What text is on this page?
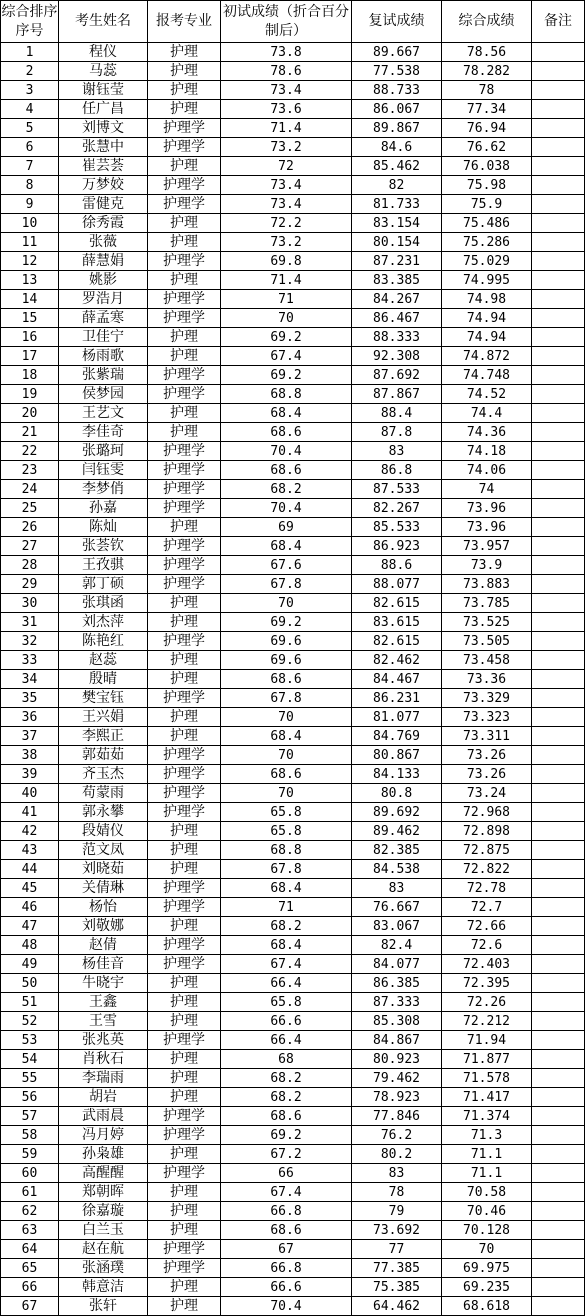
综合排序序号	考生姓名	报考专业	初试成绩（折合百分制后）	复试成绩	综合成绩	备注
1	程仪	护理	73.8	89.667	78.56	
2	马蕊	护理	78.6	77.538	78.282	
3	谢钰莹	护理	73.4	88.733	78	
4	任广昌	护理	73.6	86.067	77.34	
5	刘博文	护理学	71.4	89.867	76.94	
6	张慧中	护理学	73.2	84.6	76.62	
7	崔芸荟	护理	72	85.462	76.038	
8	万梦姣	护理学	73.4	82	75.98	
9	雷健克	护理学	73.4	81.733	75.9	
10	徐秀霞	护理	72.2	83.154	75.486	
11	张薇	护理	73.2	80.154	75.286	
12	薛慧娟	护理学	69.8	87.231	75.029	
13	姚影	护理	71.4	83.385	74.995	
14	罗浩月	护理学	71	84.267	74.98	
15	薛孟寒	护理学	70	86.467	74.94	
16	卫佳宁	护理	69.2	88.333	74.94	
17	杨雨歌	护理	67.4	92.308	74.872	
18	张紫瑞	护理学	69.2	87.692	74.748	
19	侯梦园	护理学	68.8	87.867	74.52	
20	王艺文	护理	68.4	88.4	74.4	
21	李佳奇	护理	68.6	87.8	74.36	
22	张璐珂	护理学	70.4	83	74.18	
23	闫钰雯	护理学	68.6	86.8	74.06	
24	李梦俏	护理学	68.2	87.533	74	
25	孙嘉	护理学	70.4	82.267	73.96	
26	陈灿	护理	69	85.533	73.96	
27	张荟钦	护理学	68.4	86.923	73.957	
28	王孜骐	护理学	67.6	88.6	73.9	
29	郭丁硕	护理学	67.8	88.077	73.883	
30	张琪函	护理	70	82.615	73.785	
31	刘杰萍	护理	69.2	83.615	73.525	
32	陈艳红	护理学	69.6	82.615	73.505	
33	赵蕊	护理	69.6	82.462	73.458	
34	殷晴	护理	68.6	84.467	73.36	
35	樊宝钰	护理学	67.8	86.231	73.329	
36	王兴娟	护理	70	81.077	73.323	
37	李熙正	护理	68.4	84.769	73.311	
38	郭茹茹	护理学	70	80.867	73.26	
39	齐玉杰	护理学	68.6	84.133	73.26	
40	苟蒙雨	护理学	70	80.8	73.24	
41	郭永攀	护理学	65.8	89.692	72.968	
42	段婧仪	护理	65.8	89.462	72.898	
43	范文凤	护理	68.8	82.385	72.875	
44	刘晓茹	护理	67.8	84.538	72.822	
45	关倩琳	护理学	68.4	83	72.78	
46	杨怡	护理学	71	76.667	72.7	
47	刘敬娜	护理	68.2	83.067	72.66	
48	赵倩	护理学	68.4	82.4	72.6	
49	杨佳音	护理学	67.4	84.077	72.403	
50	牛晓宇	护理	66.4	86.385	72.395	
51	王鑫	护理	65.8	87.333	72.26	
52	王雪	护理	66.6	85.308	72.212	
53	张兆英	护理学	66.4	84.867	71.94	
54	肖秋石	护理	68	80.923	71.877	
55	李瑞雨	护理	68.2	79.462	71.578	
56	胡岩	护理	68.2	78.923	71.417	
57	武雨晨	护理学	68.6	77.846	71.374	
58	冯月婷	护理学	69.2	76.2	71.3	
59	孙枭雄	护理	67.2	80.2	71.1	
60	高醒醒	护理学	66	83	71.1	
61	郑朝晖	护理	67.4	78	70.58	
62	徐嘉璇	护理	66.8	79	70.46	
63	白兰玉	护理	68.6	73.692	70.128	
64	赵在航	护理学	67	77	70	
65	张涵璞	护理学	66.8	77.385	69.975	
66	韩意洁	护理	66.6	75.385	69.235	
67	张轩	护理	70.4	64.462	68.618	
